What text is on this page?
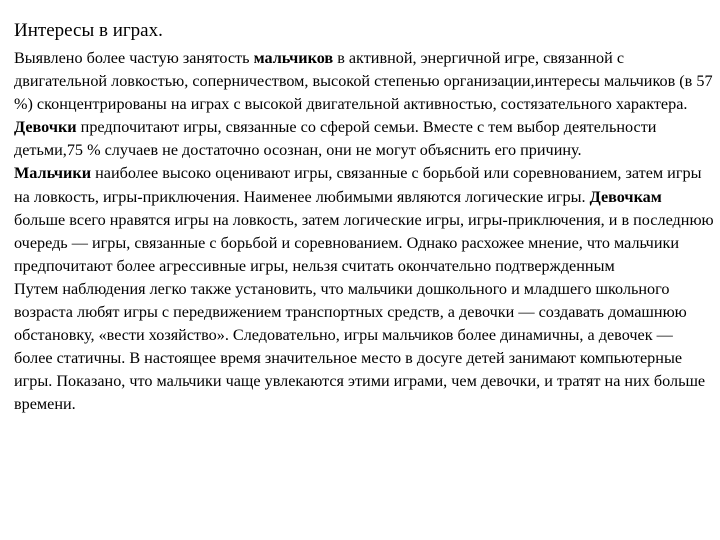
Интересы в играх.
Выявлено более частую занятость мальчиков в активной, энергичной игре, связанной с двигательной ловкостью, соперничеством, высокой степенью организации,интересы мальчиков (в 57 %) сконцентрированы на играх с высокой двигательной активностью, состязательного характера. Девочки предпочитают игры, связанные со сферой семьи. Вместе с тем выбор деятельности детьми,75 % случаев не достаточно осознан, они не могут объяснить его причину.
Мальчики наиболее высоко оценивают игры, связанные с борьбой или соревнованием, затем игры на ловкость, игры-приключения. Наименее любимыми являются логические игры. Девочкам больше всего нравятся игры на ловкость, затем логические игры, игры-приключения, и в последнюю очередь — игры, связанные с борьбой и соревнованием. Однако расхожее мнение, что мальчики предпочитают более агрессивные игры, нельзя считать окончательно подтвержденным
Путем наблюдения легко также установить, что мальчики дошкольного и младшего школьного возраста любят игры с передвижением транспортных средств, а девочки — создавать домашнюю обстановку, «вести хозяйство». Следовательно, игры мальчиков более динамичны, а девочек — более статичны. В настоящее время значительное место в досуге детей занимают компьютерные игры. Показано, что мальчики чаще увлекаются этими играми, чем девочки, и тратят на них больше времени.
